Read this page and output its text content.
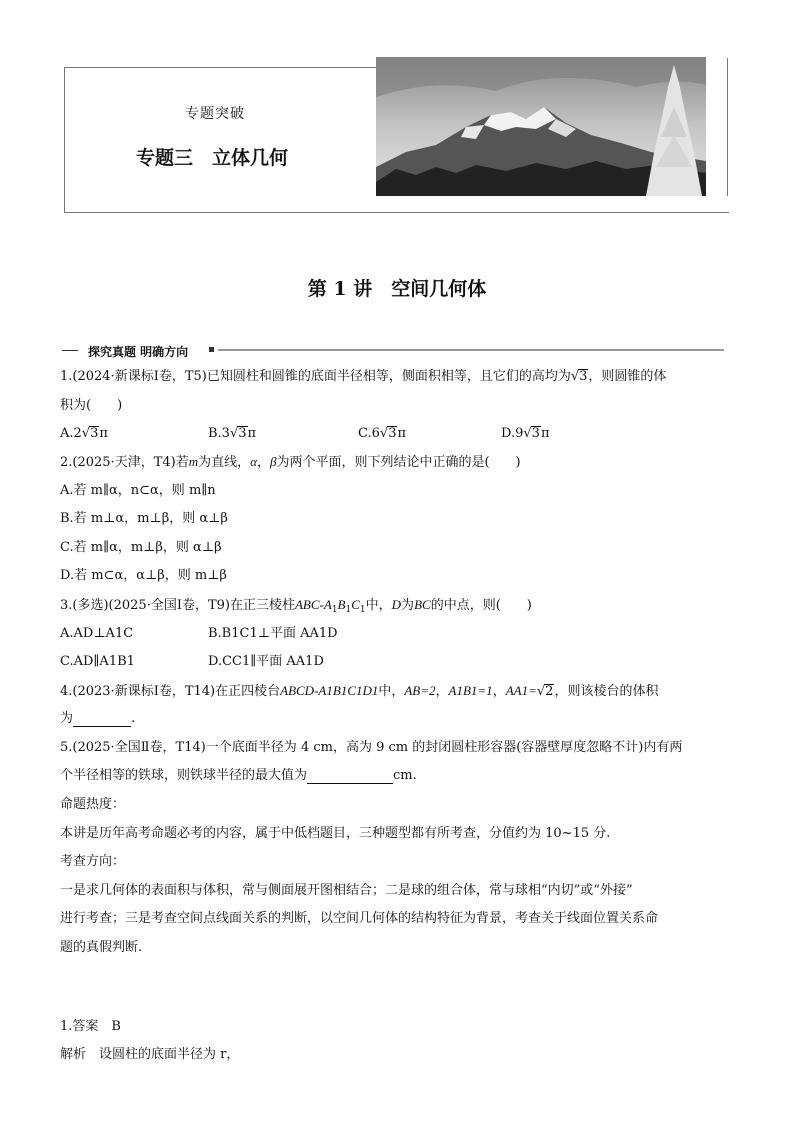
专题突破
专题三　立体几何
第 1 讲　空间几何体
探究真题 明确方向
1.(2024·新课标Ⅰ卷，T5)已知圆柱和圆锥的底面半径相等，侧面积相等，且它们的高均为√3，则圆锥的体
积为(　　)
A.2√3π	B.3√3π	C.6√3π	D.9√3π
2.(2025·天津，T4)若m为直线，α，β为两个平面，则下列结论中正确的是(　　)
A.若 m∥α，n⊂α，则 m∥n
B.若 m⊥α，m⊥β，则 α⊥β
C.若 m∥α，m⊥β，则 α⊥β
D.若 m⊂α，α⊥β，则 m⊥β
3.(多选)(2025·全国Ⅰ卷，T9)在正三棱柱ABC-$A_1B_1C_1$中，D为BC的中点，则(　　)
A.AD⊥A1C	B.B1C1⊥平面 AA1D
C.AD∥A1B1	D.CC1∥平面 AA1D
4.(2023·新课标Ⅰ卷，T14)在正四棱台ABCD-A1B1C1D1中，AB=2，A1B1=1，AA1=√2，则该棱台的体积
为	.
5.(2025·全国Ⅱ卷，T14)一个底面半径为 4 cm，高为 9 cm 的封闭圆柱形容器(容器壁厚度忽略不计)内有两
个半径相等的铁球，则铁球半径的最大值为	cm.
命题热度：
本讲是历年高考命题必考的内容，属于中低档题目，三种题型都有所考查，分值约为 10~15 分.
考查方向：
一是求几何体的表面积与体积，常与侧面展开图相结合；二是球的组合体，常与球相“内切”或“外接”
进行考查；三是考查空间点线面关系的判断，以空间几何体的结构特征为背景，考查关于线面位置关系命
题的真假判断.
1.答案　B
解析　设圆柱的底面半径为 r，
